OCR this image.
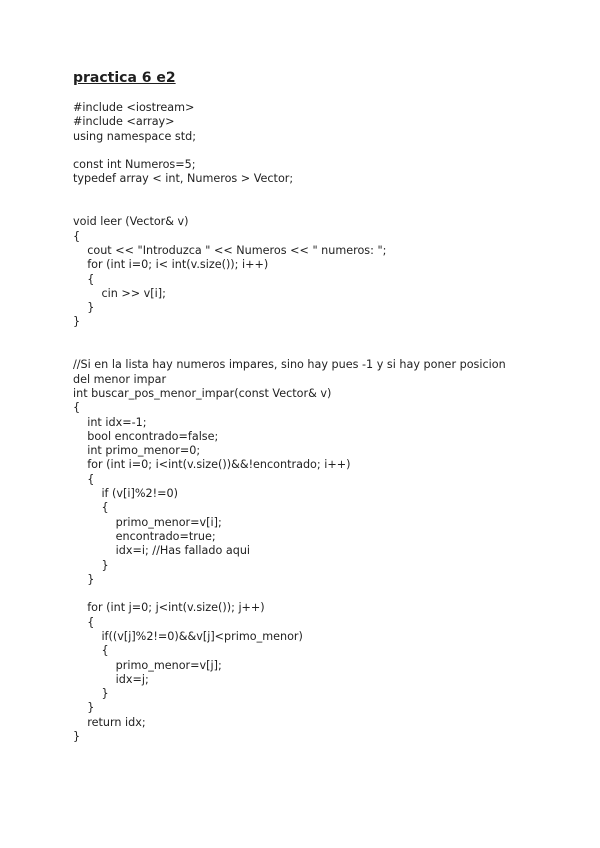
practica 6 e2
#include <iostream>
#include <array>
using namespace std;
const int Numeros=5;
typedef array < int, Numeros > Vector;
void leer (Vector& v)
{
cout << "Introduzca " << Numeros << " numeros: ";
for (int i=0; i< int(v.size()); i++)
{
cin >> v[i];
}
}
//Si en la lista hay numeros impares, sino hay pues -1 y si hay poner posicion
del menor impar
int buscar_pos_menor_impar(const Vector& v)
{
int idx=-1;
bool encontrado=false;
int primo_menor=0;
for (int i=0; i<int(v.size())&&!encontrado; i++)
{
if (v[i]%2!=0)
{
primo_menor=v[i];
encontrado=true;
idx=i; //Has fallado aqui
}
}
for (int j=0; j<int(v.size()); j++)
{
if((v[j]%2!=0)&&v[j]<primo_menor)
{
primo_menor=v[j];
idx=j;
}
}
return idx;
}
